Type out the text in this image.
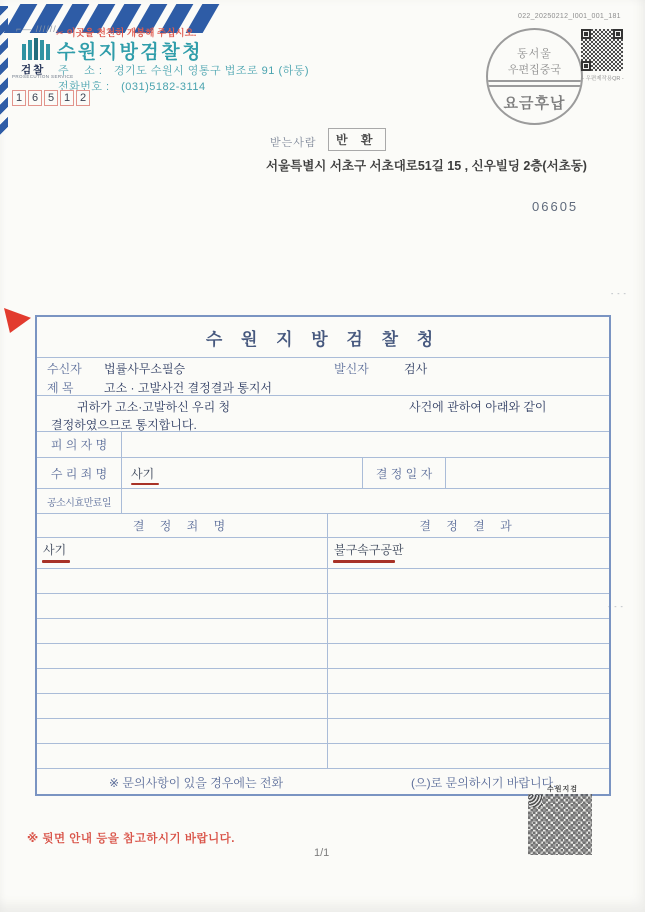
⌐— ////// ✂ 이곳을 천천히 개봉해 주십시오.
검찰
PROSECUTION SERVICE
수원지방검찰청
주　 소 :　경기도 수원시 영통구 법조로 91 (하동)
전화번호 :　(031)5182-3114
1 6 5 1 2
022_20250212_I001_001_181
동서울
우편집중국
요금후납
- 우편제작용QR -
받는사람	반 환
서울특별시 서초구 서초대로51길 15 , 신우빌딩 2층(서초동)
06605
- - -
- - -
수 원 지 방 검 찰 청
수신자 법률사무소필승	발신자	검사
제 목	고소 · 고발사건 결정결과 통지서
귀하가 고소·고발하신 우리 청	사건에 관하여 아래와 같이
결정하였으므로 통지합니다.
피 의 자 명
수 리 죄 명 사기	결 정 일 자
공소시효만료일
결 정 죄 명	결 정 결 과
사기	불구속구공판
※ 문의사항이 있을 경우에는 전화	(으)로 문의하시기 바랍니다.
수원지검
※ 뒷면 안내 등을 참고하시기 바랍니다.
1/1
